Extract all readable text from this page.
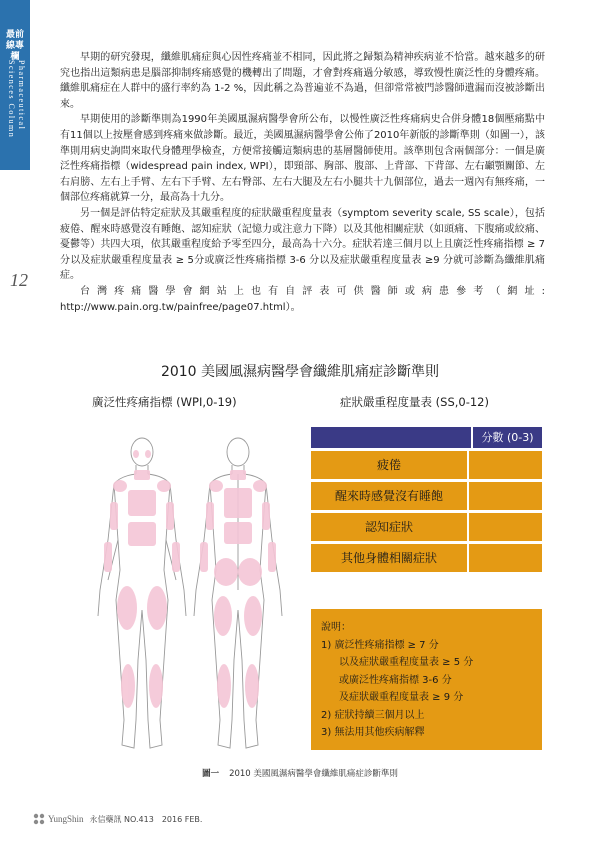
最前線專欄
Pharmaceutical Sciences Column
12

早期的研究發現，纖維肌痛症與心因性疼痛並不相同，因此將之歸類為精神疾病並不恰當。越來越多的研究也指出這類病患是腦部抑制疼痛感覺的機轉出了問題，才會對疼痛過分敏感，導致慢性廣泛性的身體疼痛。纖維肌痛症在人群中的盛行率約為 1-2 %，因此稱之為普遍並不為過，但卻常常被門診醫師遺漏而沒被診斷出來。

早期使用的診斷準則為1990年美國風濕病醫學會所公布，以慢性廣泛性疼痛病史合併身體18個壓痛點中有11個以上按壓會感到疼痛來做診斷。最近，美國風濕病醫學會公佈了2010年新版的診斷準則（如圖一），該準則用病史詢問來取代身體理學檢查，方便常接觸這類病患的基層醫師使用。該準則包含兩個部分：一個是廣泛性疼痛指標（widespread pain index, WPI），即頸部、胸部、腹部、上背部、下背部、左右顳顎關節、左右肩膀、左右上手臂、左右下手臂、左右臀部、左右大腿及左右小腿共十九個部位，過去一週內有無疼痛，一個部位疼痛就算一分，最高為十九分。

另一個是評估特定症狀及其嚴重程度的症狀嚴重程度量表（symptom severity scale, SS scale），包括疲倦、醒來時感覺沒有睡飽、認知症狀（記憶力或注意力下降）以及其他相關症狀（如頭痛、下腹痛或絞痛、憂鬱等）共四大項，依其嚴重程度給予零至四分，最高為十六分。症狀若達三個月以上且廣泛性疼痛指標 ≥ 7分以及症狀嚴重程度量表 ≥ 5分或廣泛性疼痛指標 3-6 分以及症狀嚴重程度量表 ≥9 分就可診斷為纖維肌痛症。

台灣疼痛醫學會網站上也有自評表可供醫師或病患參考（網址: http://www.pain.org.tw/painfree/page07.html）。

2010 美國風濕病醫學會纖維肌痛症診斷準則
廣泛性疼痛指標 (WPI,0-19)	症狀嚴重程度量表 (SS,0-12)
分數 (0-3)
疲倦
醒來時感覺沒有睡飽
認知症狀
其他身體相關症狀
說明：
1) 廣泛性疼痛指標 ≥ 7 分
以及症狀嚴重程度量表 ≥ 5 分
或廣泛性疼痛指標 3-6 分
及症狀嚴重程度量表 ≥ 9 分
2) 症狀持續三個月以上
3) 無法用其他疾病解釋
圖一 2010 美國風濕病醫學會纖維肌痛症診斷準則
YungShin 永信藥訊 NO.413 2016 FEB.
